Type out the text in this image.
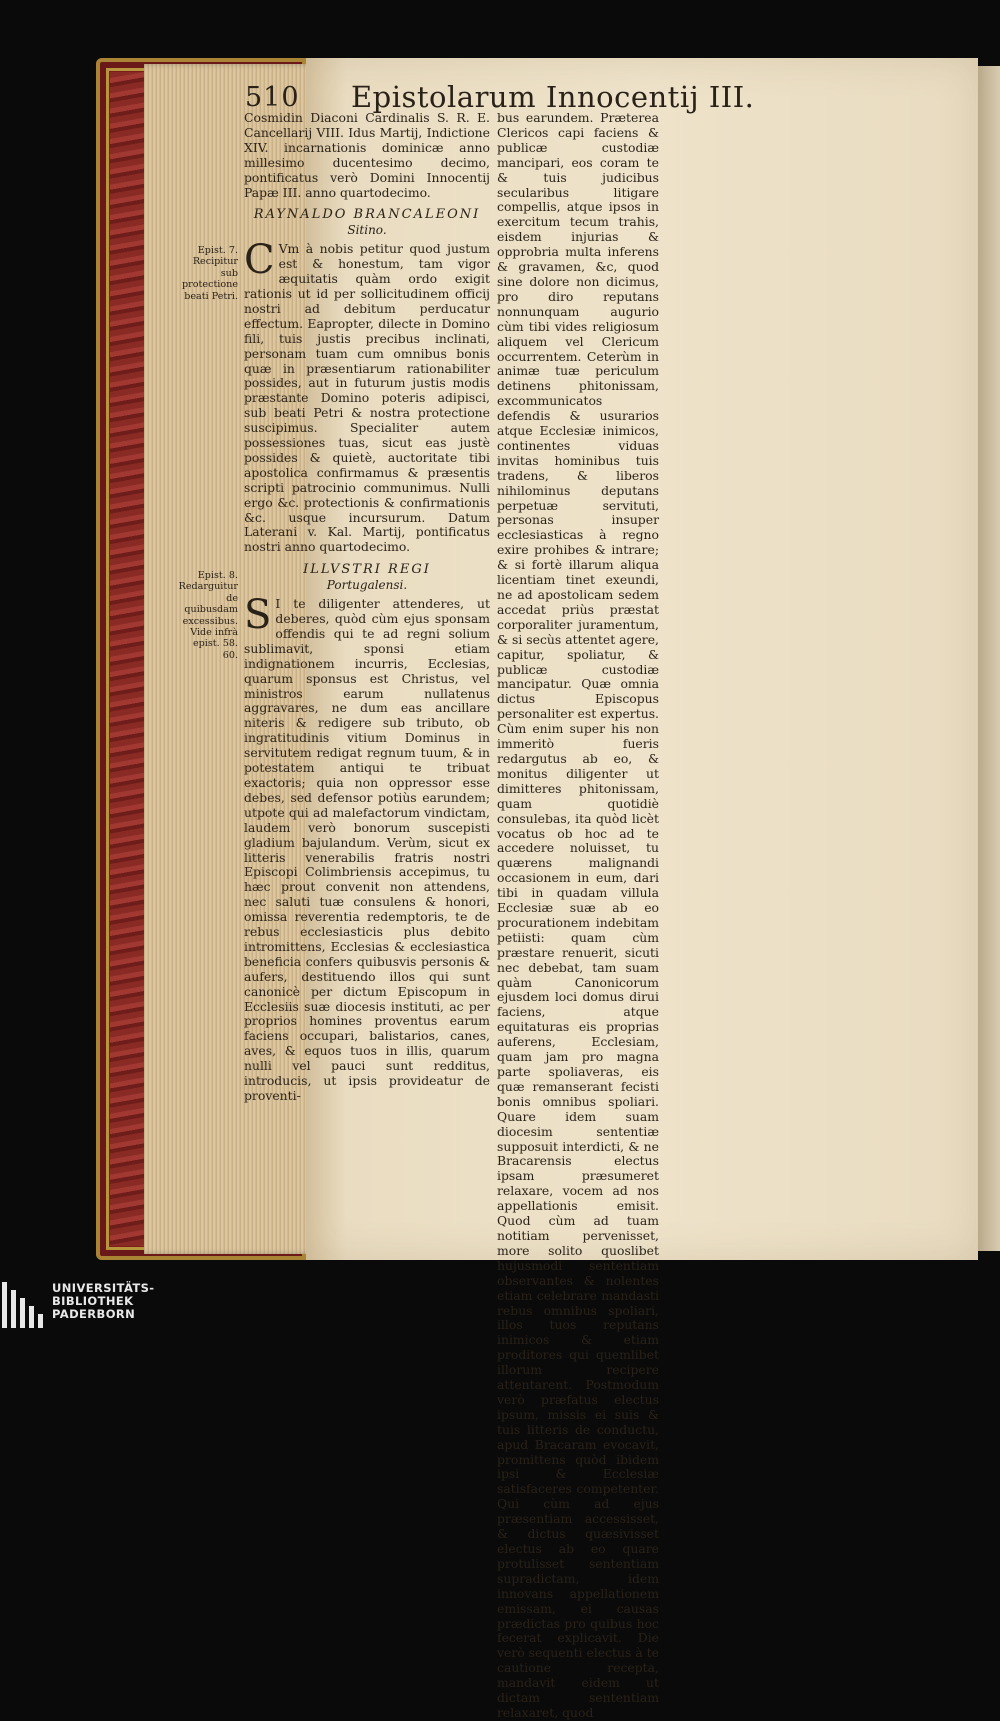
510 Epistolarum Innocentij III.

Cosmidin Diaconi Cardinalis S. R. E. Cancellarij VIII. Idus Martij, Indictione XIV. incarnationis dominicæ anno millesimo ducentesimo decimo, pontificatus verò Domini Innocentij Papæ III. anno quartodecimo.

RAYNALDO BRANCALEONI
Sitino.

C Vm à nobis petitur quod justum est & honestum, tam vigor æquitatis quàm ordo exigit rationis ut id per sollicitudinem officij nostri ad debitum perducatur effectum. Eapropter, dilecte in Domino fili, tuis justis precibus inclinati, personam tuam cum omnibus bonis quæ in præsentiarum rationabiliter possides, aut in futurum justis modis præstante Domino poteris adipisci, sub beati Petri & nostra protectione suscipimus. Specialiter autem possessiones tuas, sicut eas justè possides & quietè, auctoritate tibi apostolica confirmamus & præsentis scripti patrocinio communimus. Nulli ergo &c. protectionis & confirmationis &c. usque incursurum. Datum Laterani v. Kal. Martij, pontificatus nostri anno quartodecimo.

ILLVSTRI REGI
Portugalensi.

S I te diligenter attenderes, ut deberes, quòd cùm ejus sponsam offendis qui te ad regni solium sublimavit, sponsi etiam indignationem incurris, Ecclesias, quarum sponsus est Christus, vel ministros earum nullatenus aggravares, ne dum eas ancillare niteris & redigere sub tributo, ob ingratitudinis vitium Dominus in servitutem redigat regnum tuum, & in potestatem antiqui te tribuat exactoris; quia non oppressor esse debes, sed defensor potiùs earundem; utpote qui ad malefactorum vindictam, laudem verò bonorum suscepisti gladium bajulandum. Verùm, sicut ex litteris venerabilis fratris nostri Episcopi Colimbriensis accepimus, tu hæc prout convenit non attendens, nec saluti tuæ consulens & honori, omissa reverentia redemptoris, te de rebus ecclesiasticis plus debito intromittens, Ecclesias & ecclesiastica beneficia confers quibusvis personis & aufers, destituendo illos qui sunt canonicè per dictum Episcopum in Ecclesiis suæ diocesis instituti, ac per proprios homines proventus earum faciens occupari, balistarios, canes, aves, & equos tuos in illis, quarum nulli vel pauci sunt redditus, introducis, ut ipsis provideatur de proventi-

bus earundem. Præterea Clericos capi faciens & publicæ custodiæ mancipari, eos coram te & tuis judicibus secularibus litigare compellis, atque ipsos in exercitum tecum trahis, eisdem injurias & opprobria multa inferens & gravamen, &c, quod sine dolore non dicimus, pro diro reputans nonnunquam augurio cùm tibi vides religiosum aliquem vel Clericum occurrentem. Ceterùm in animæ tuæ periculum detinens phitonissam, excommunicatos defendis & usurarios atque Ecclesiæ inimicos, continentes viduas invitas hominibus tuis tradens, & liberos nihilominus deputans perpetuæ servituti, personas insuper ecclesiasticas à regno exire prohibes & intrare; & si fortè illarum aliqua licentiam tinet exeundi, ne ad apostolicam sedem accedat priùs præstat corporaliter juramentum, & si secùs attentet agere, capitur, spoliatur, & publicæ custodiæ mancipatur. Quæ omnia dictus Episcopus personaliter est expertus. Cùm enim super his non immeritò fueris redargutus ab eo, & monitus diligenter ut dimitteres phitonissam, quam quotidiè consulebas, ita quòd licèt vocatus ob hoc ad te accedere noluisset, tu quærens malignandi occasionem in eum, dari tibi in quadam villula Ecclesiæ suæ ab eo procurationem indebitam petiisti: quam cùm præstare renuerit, sicuti nec debebat, tam suam quàm Canonicorum ejusdem loci domus dirui faciens, atque equitaturas eis proprias auferens, Ecclesiam, quam jam pro magna parte spoliaveras, eis quæ remanserant fecisti bonis omnibus spoliari. Quare idem suam diocesim sententiæ supposuit interdicti, & ne Bracarensis electus ipsam præsumeret relaxare, vocem ad nos appellationis emisit. Quod cùm ad tuam notitiam pervenisset, more solito quoslibet hujusmodi sententiam observantes & nolentes etiam celebrare mandasti rebus omnibus spoliari, illos tuos reputans inimicos & etiam proditores qui quemlibet illorum recipere attentarent. Postmodum verò præfatus electus ipsum, missis ei suis & tuis litteris de conductu, apud Bracaram evocavit, promittens quòd ibidem ipsi & Ecclesiæ satisfaceres competenter. Qui cùm ad ejus præsentiam accessisset, & dictus quæsivisset electus ab eo quare protulisset sententiam supradictam, idem innovans appellationem emissam, ei causas prædictas pro quibus hoc fecerat explicavit. Die verò sequenti electus à te cautione recepta, mandavit eidem ut dictam sententiam relaxaret, quod

Epist. 7. Recipitur sub protectione beati Petri.
Epist. 8. Redarguitur de quibusdam excessibus. Vide infrà epist. 58. 60.
UNIVERSITÄTS-
BIBLIOTHEK
PADERBORN
